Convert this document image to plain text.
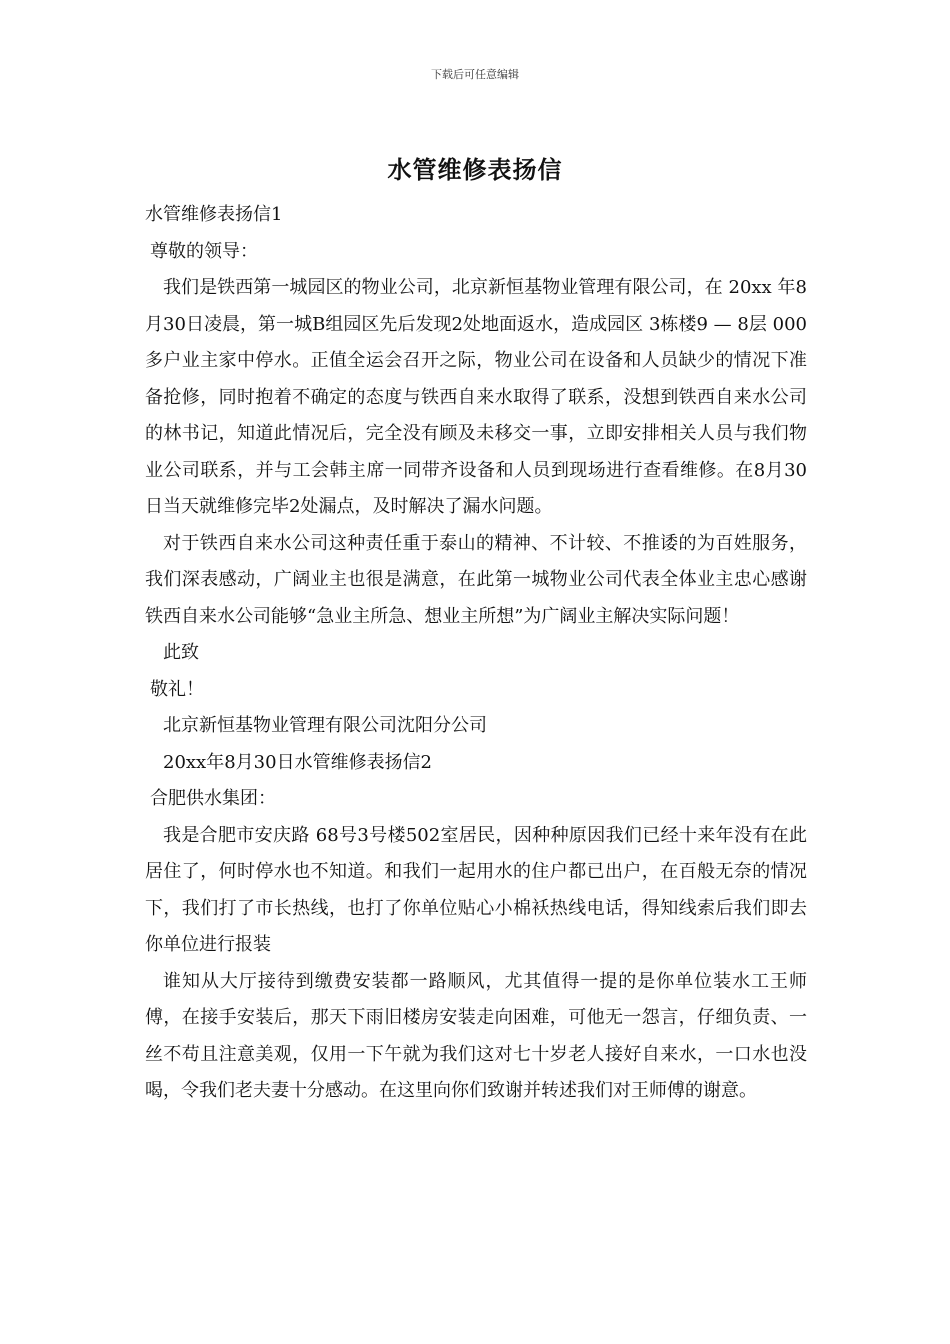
下载后可任意编辑
水管维修表扬信

水管维修表扬信1

尊敬的领导：

我们是铁西第一城园区的物业公司，北京新恒基物业管理有限公司，在 20xx 年8月30日凌晨，第一城B组园区先后发现2处地面返水，造成园区 3栋楼9 — 8层 000多户业主家中停水。正值全运会召开之际，物业公司在设备和人员缺少的情况下准备抢修，同时抱着不确定的态度与铁西自来水取得了联系，没想到铁西自来水公司的林书记，知道此情况后，完全没有顾及未移交一事，立即安排相关人员与我们物业公司联系，并与工会韩主席一同带齐设备和人员到现场进行查看维修。在8月30日当天就维修完毕2处漏点，及时解决了漏水问题。

对于铁西自来水公司这种责任重于泰山的精神、不计较、不推诿的为百姓服务，我们深表感动，广阔业主也很是满意，在此第一城物业公司代表全体业主忠心感谢铁西自来水公司能够“急业主所急、想业主所想”为广阔业主解决实际问题！

此致

敬礼！

北京新恒基物业管理有限公司沈阳分公司

20xx年8月30日水管维修表扬信2

合肥供水集团：

我是合肥市安庆路 68号3号楼502室居民，因种种原因我们已经十来年没有在此居住了，何时停水也不知道。和我们一起用水的住户都已出户，在百般无奈的情况下，我们打了市长热线，也打了你单位贴心小棉袄热线电话，得知线索后我们即去你单位进行报装

谁知从大厅接待到缴费安装都一路顺风，尤其值得一提的是你单位装水工王师傅，在接手安装后，那天下雨旧楼房安装走向困难，可他无一怨言，仔细负责、一丝不苟且注意美观，仅用一下午就为我们这对七十岁老人接好自来水，一口水也没喝，令我们老夫妻十分感动。在这里向你们致谢并转述我们对王师傅的谢意。
